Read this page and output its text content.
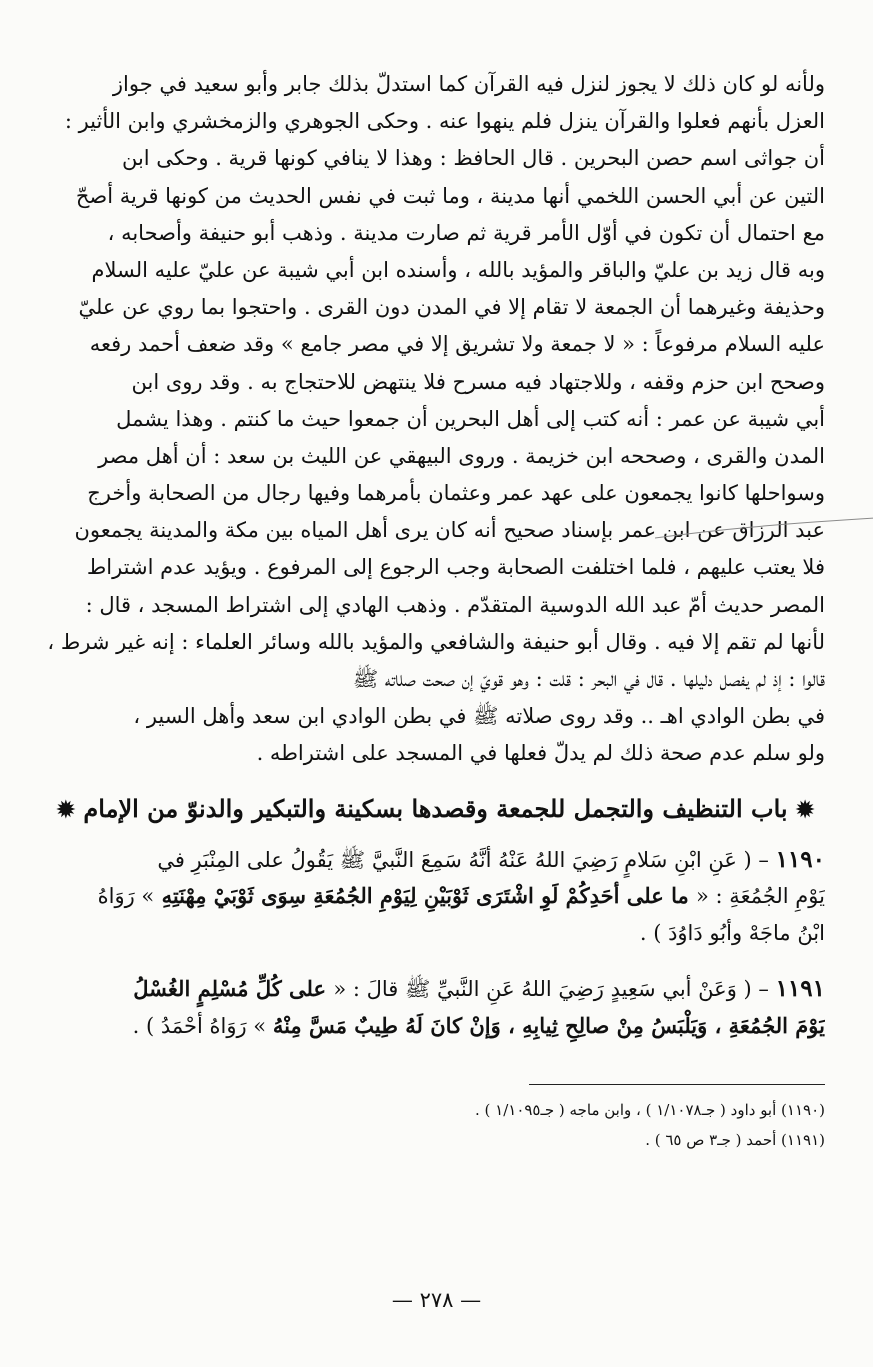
ولأنه لو كان ذلك لا يجوز لنزل فيه القرآن كما استدلّ بذلك جابر وأبو سعيد في جواز
العزل بأنهم فعلوا والقرآن ينزل فلم ينهوا عنه . وحكى الجوهري والزمخشري وابن الأثير :
أن جواثى اسم حصن البحرين . قال الحافظ : وهذا لا ينافي كونها قرية . وحكى ابن
التين عن أبي الحسن اللخمي أنها مدينة ، وما ثبت في نفس الحديث من كونها قرية أصحّ
مع احتمال أن تكون في أوّل الأمر قرية ثم صارت مدينة . وذهب أبو حنيفة وأصحابه ،
وبه قال زيد بن عليّ والباقر والمؤيد بالله ، وأسنده ابن أبي شيبة عن عليّ عليه السلام
وحذيفة وغيرهما أن الجمعة لا تقام إلا في المدن دون القرى . واحتجوا بما روي عن عليّ
عليه السلام مرفوعاً : « لا جمعة ولا تشريق إلا في مصر جامع » وقد ضعف أحمد رفعه
وصحح ابن حزم وقفه ، وللاجتهاد فيه مسرح فلا ينتهض للاحتجاج به . وقد روى ابن
أبي شيبة عن عمر : أنه كتب إلى أهل البحرين أن جمعوا حيث ما كنتم . وهذا يشمل
المدن والقرى ، وصححه ابن خزيمة . وروى البيهقي عن الليث بن سعد : أن أهل مصر
وسواحلها كانوا يجمعون على عهد عمر وعثمان بأمرهما وفيها رجال من الصحابة وأخرج
عبد الرزاق عن ابن عمر بإسناد صحيح أنه كان يرى أهل المياه بين مكة والمدينة يجمعون
فلا يعتب عليهم ، فلما اختلفت الصحابة وجب الرجوع إلى المرفوع . ويؤيد عدم اشتراط
المصر حديث أمّ عبد الله الدوسية المتقدّم . وذهب الهادي إلى اشتراط المسجد ، قال :
لأنها لم تقم إلا فيه . وقال أبو حنيفة والشافعي والمؤيد بالله وسائر العلماء : إنه غير شرط ،
قالوا : إذ لم يفصل دليلها . قال في البحر : قلت : وهو قويّ إن صحت صلاته ﷺ
في بطن الوادي اهـ .. وقد روى صلاته ﷺ في بطن الوادي ابن سعد وأهل السير ،
ولو سلم عدم صحة ذلك لم يدلّ فعلها في المسجد على اشتراطه .
✹ باب التنظيف والتجمل للجمعة وقصدها بسكينة والتبكير والدنوّ من الإمام ✹
١١٩٠ – ( عَنِ ابْنِ سَلامٍ رَضِيَ اللهُ عَنْهُ أنَّهُ سَمِعَ النَّبيَّ ﷺ يَقُولُ على المِنْبَرِ في
يَوْمِ الجُمُعَةِ : « ما على أحَدِكُمْ لَوِ اشْتَرَى ثَوْبَيْنِ لِيَوْمِ الجُمُعَةِ سِوَى ثَوْبَيْ مِهْنَتِهِ » رَوَاهُ
ابْنُ ماجَهْ وأبُو دَاوُدَ ) .
١١٩١ – ( وَعَنْ أبي سَعِيدٍ رَضِيَ اللهُ عَنِ النَّبيِّ ﷺ قالَ : « على كُلِّ مُسْلِمٍ الغُسْلُ
يَوْمَ الجُمُعَةِ ، وَيَلْبَسُ مِنْ صالِحِ ثِيابِهِ ، وَإنْ كانَ لَهُ طِيبٌ مَسَّ مِنْهُ » رَوَاهُ أحْمَدُ ) .
(١١٩٠) أبو داود ( جـ١/١٠٧٨ ) ، وابن ماجه ( جـ١/١٠٩٥ ) .
(١١٩١) أحمد ( جـ٣ ص ٦٥ ) .
— ٢٧٨ —
